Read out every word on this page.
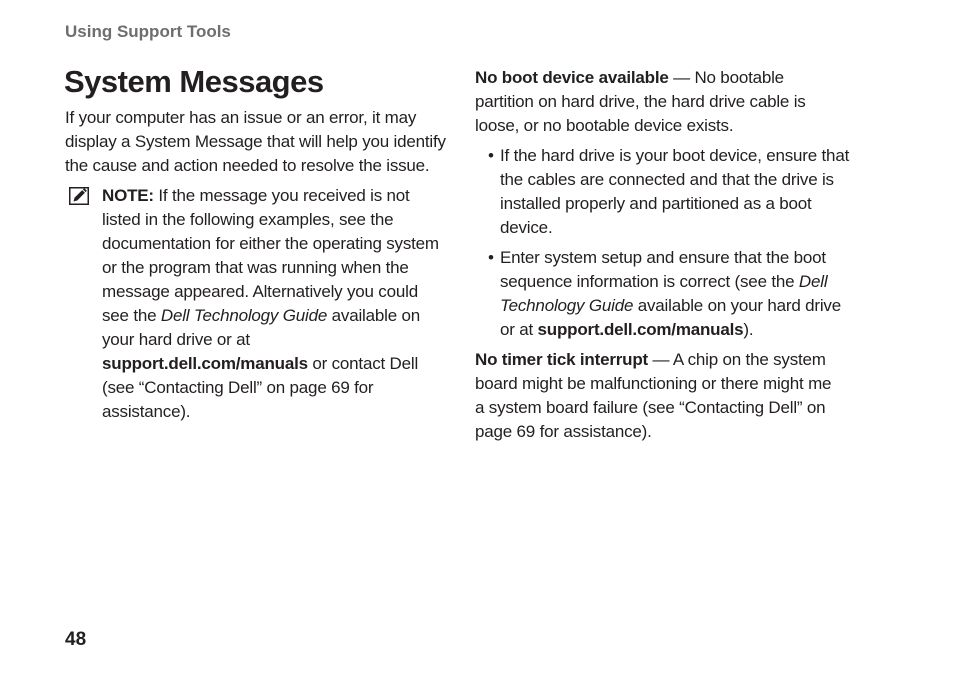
Using Support Tools
System Messages

If your computer has an issue or an error, it may display a System Message that will help you identify the cause and action needed to resolve the issue.

NOTE: If the message you received is not listed in the following examples, see the documentation for either the operating system or the program that was running when the message appeared. Alternatively you could see the Dell Technology Guide available on your hard drive or at support.dell.com/manuals or contact Dell (see “Contacting Dell” on page 69 for assistance).

No boot device available — No bootable partition on hard drive, the hard drive cable is loose, or no bootable device exists.

• If the hard drive is your boot device, ensure that the cables are connected and that the drive is installed properly and partitioned as a boot device.
• Enter system setup and ensure that the boot sequence information is correct (see the Dell Technology Guide available on your hard drive or at support.dell.com/manuals).

No timer tick interrupt — A chip on the system board might be malfunctioning or there might me a system board failure (see “Contacting Dell” on page 69 for assistance).

48
